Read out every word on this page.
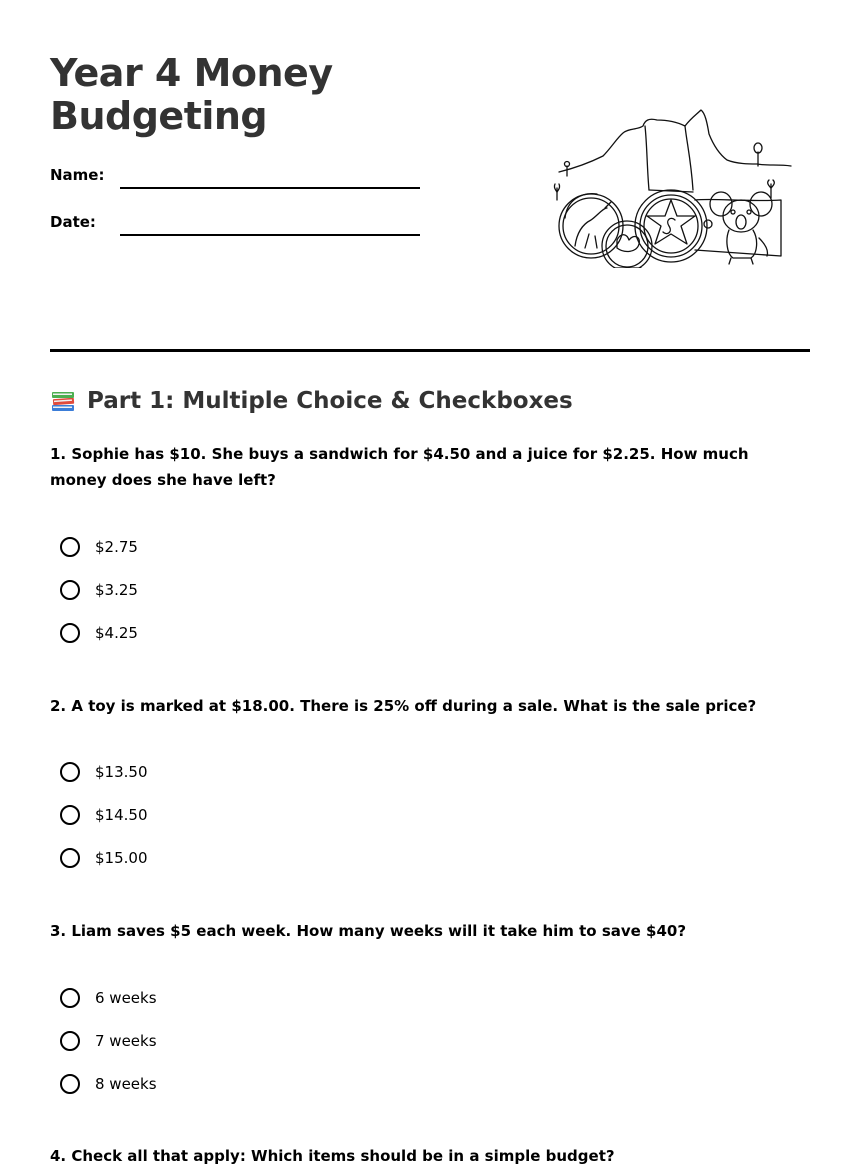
Year 4 Money Budgeting
Name:
Date:
Part 1: Multiple Choice & Checkboxes

1. Sophie has $10. She buys a sandwich for $4.50 and a juice for $2.25. How much money does she have left?

$2.75
$3.25
$4.25

2. A toy is marked at $18.00. There is 25% off during a sale. What is the sale price?

$13.50
$14.50
$15.00

3. Liam saves $5 each week. How many weeks will it take him to save $40?

6 weeks
7 weeks
8 weeks

4. Check all that apply: Which items should be in a simple budget?
